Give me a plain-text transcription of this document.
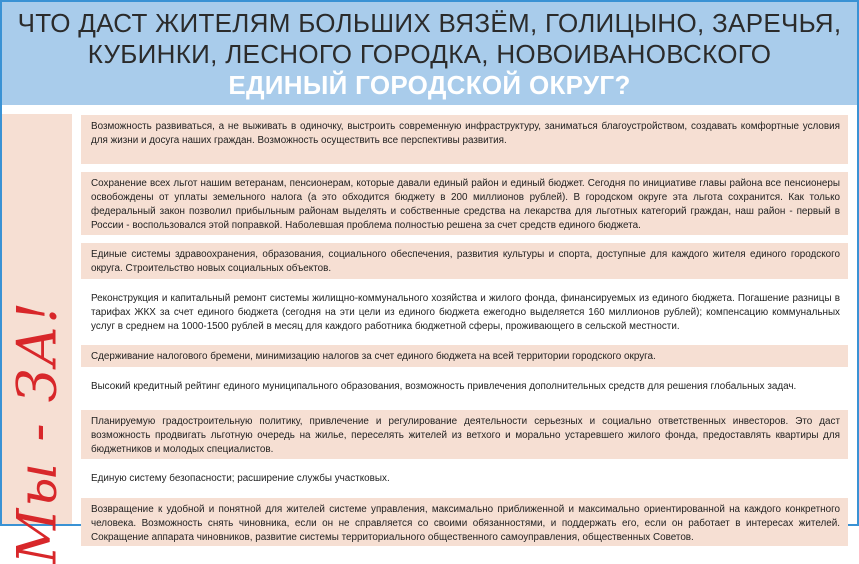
ЧТО ДАСТ ЖИТЕЛЯМ БОЛЬШИХ ВЯЗЁМ, ГОЛИЦЫНО, ЗАРЕЧЬЯ,
КУБИНКИ, ЛЕСНОГО ГОРОДКА, НОВОИВАНОВСКОГО
ЕДИНЫЙ ГОРОДСКОЙ ОКРУГ?
Мы - ЗА!
Возможность развиваться, а не выживать в одиночку, выстроить современную инфраструктуру, заниматься благоустройством, создавать комфортные условия для жизни и досуга наших граждан. Возможность осуществить все перспективы развития.
Сохранение всех льгот нашим ветеранам, пенсионерам, которые давали единый район и единый бюджет. Сегодня по инициативе главы района все пенсионеры освобождены от уплаты земельного налога (а это обходится бюджету в 200 миллионов рублей). В городском округе эта льгота сохранится. Как только федеральный закон позволил прибыльным районам выделять и собственные средства на лекарства для льготных категорий граждан, наш район - первый в России - воспользовался этой поправкой. Наболевшая проблема полностью решена за счет средств единого бюджета.
Единые системы здравоохранения, образования, социального обеспечения, развития культуры и спорта, доступные для каждого жителя единого городского округа. Строительство новых социальных объектов.
Реконструкция и капитальный ремонт системы жилищно-коммунального хозяйства и жилого фонда, финансируемых из единого бюджета. Погашение разницы в тарифах ЖКХ за счет единого бюджета (сегодня на эти цели из единого бюджета ежегодно выделяется 160 миллионов рублей); компенсацию коммунальных услуг в среднем на 1000-1500 рублей в месяц для каждого работника бюджетной сферы, проживающего в сельской местности.
Сдерживание налогового бремени, минимизацию налогов за счет единого бюджета на всей территории городского округа.
Высокий кредитный рейтинг единого муниципального образования, возможность привлечения дополнительных средств для решения глобальных задач.
Планируемую градостроительную политику, привлечение и регулирование деятельности серьезных и социально ответственных инвесторов. Это даст возможность продвигать льготную очередь на жилье, переселять жителей из ветхого и морально устаревшего жилого фонда, предоставлять квартиры для бюджетников и молодых специалистов.
Единую систему безопасности; расширение службы участковых.
Возвращение к удобной и понятной для жителей системе управления, максимально приближенной и максимально ориентированной на каждого конкретного человека. Возможность снять чиновника, если он не справляется со своими обязанностями, и поддержать его, если он работает в интересах жителей. Сокращение аппарата чиновников, развитие системы территориального общественного самоуправления, общественных Советов.
